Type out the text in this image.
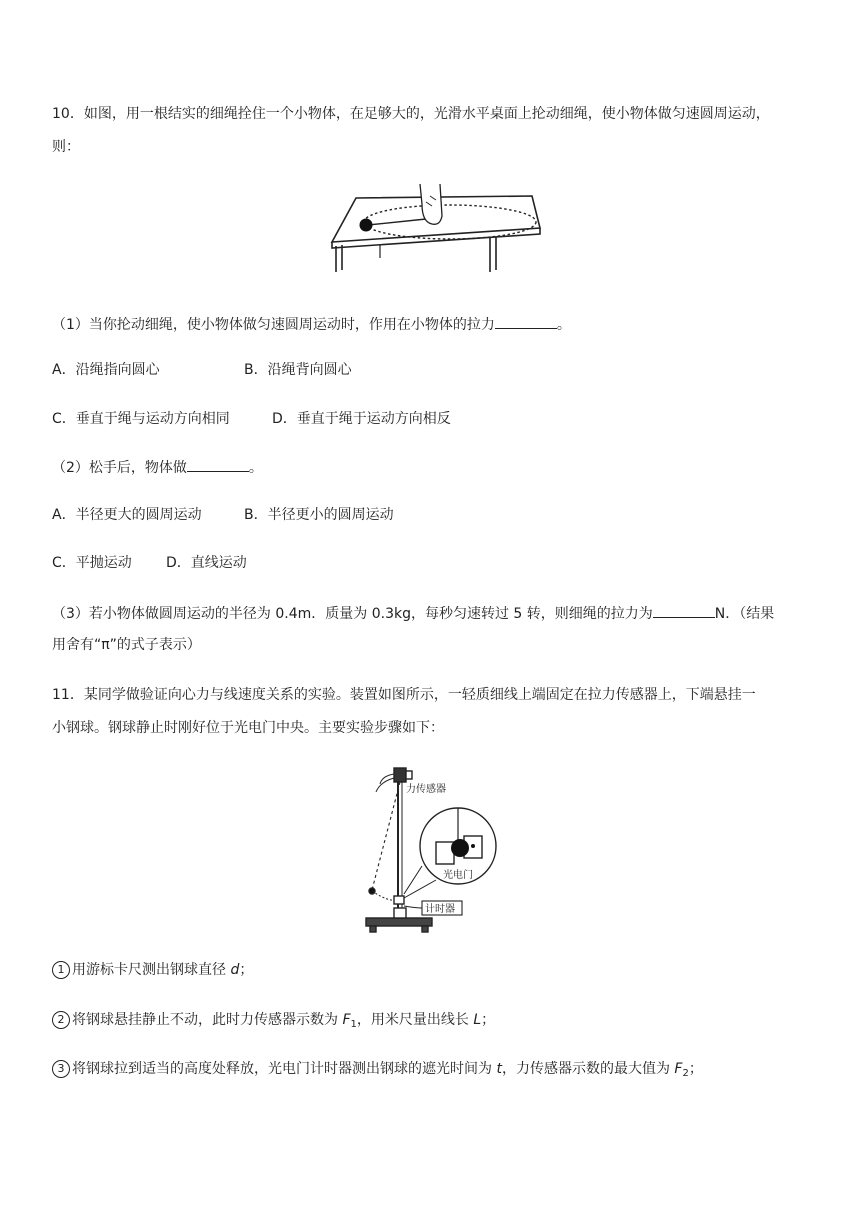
10．如图，用一根结实的细绳拴住一个小物体，在足够大的，光滑水平桌面上抡动细绳，使小物体做匀速圆周运动，
则：
（1）当你抡动细绳，使小物体做匀速圆周运动时，作用在小物体的拉力	。
A．沿绳指向圆心	B．沿绳背向圆心
C．垂直于绳与运动方向相同	D．垂直于绳于运动方向相反
（2）松手后，物体做	。
A．半径更大的圆周运动	B．半径更小的圆周运动
C．平抛运动 D．直线运动
（3）若小物体做圆周运动的半径为 0.4m．质量为 0.3kg，每秒匀速转过 5 转，则细绳的拉力为	N．（结果
用舍有“π”的式子表示）
11．某同学做验证向心力与线速度关系的实验。装置如图所示，一轻质细线上端固定在拉力传感器上，下端悬挂一
小钢球。钢球静止时刚好位于光电门中央。主要实验步骤如下：
力传感器
光电门
计时器
1 用游标卡尺测出钢球直径 d；
2 将钢球悬挂静止不动，此时力传感器示数为 $F_1$，用米尺量出线长 L；
3 将钢球拉到适当的高度处释放，光电门计时器测出钢球的遮光时间为 t，力传感器示数的最大值为 $F_2$；
